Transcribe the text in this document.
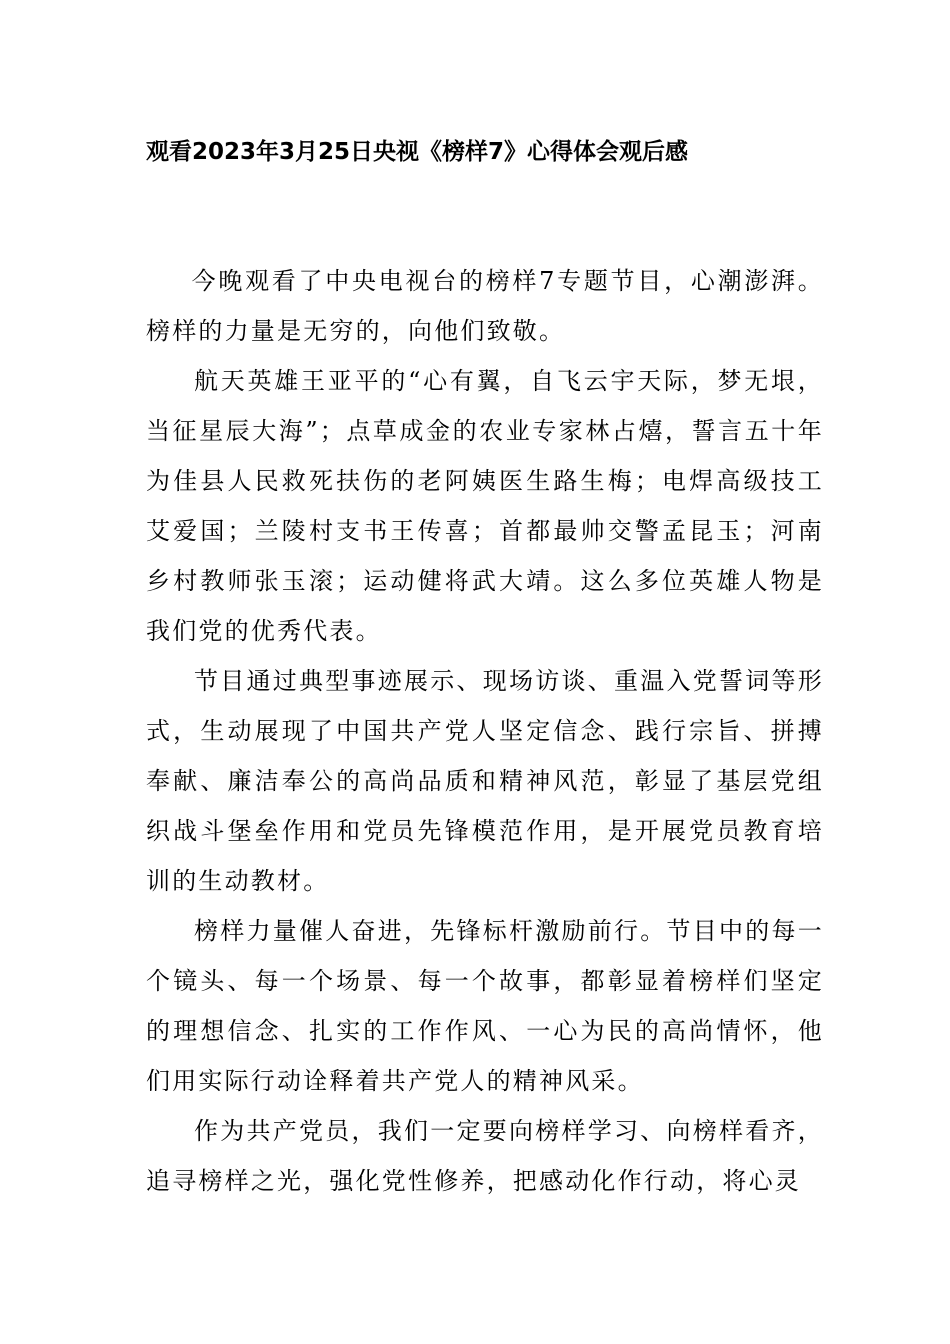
观看2023年3月25日央视《榜样7》心得体会观后感

今晚观看了中央电视台的榜样7专题节目，心潮澎湃。榜样的力量是无穷的，向他们致敬。

航天英雄王亚平的“心有翼，自飞云宇天际，梦无垠，当征星辰大海”；点草成金的农业专家林占熺，誓言五十年为佳县人民救死扶伤的老阿姨医生路生梅；电焊高级技工艾爱国；兰陵村支书王传喜；首都最帅交警孟昆玉；河南乡村教师张玉滚；运动健将武大靖。这么多位英雄人物是我们党的优秀代表。

节目通过典型事迹展示、现场访谈、重温入党誓词等形式，生动展现了中国共产党人坚定信念、践行宗旨、拼搏奉献、廉洁奉公的高尚品质和精神风范，彰显了基层党组织战斗堡垒作用和党员先锋模范作用，是开展党员教育培训的生动教材。

榜样力量催人奋进，先锋标杆激励前行。节目中的每一个镜头、每一个场景、每一个故事，都彰显着榜样们坚定的理想信念、扎实的工作作风、一心为民的高尚情怀，他们用实际行动诠释着共产党人的精神风采。

作为共产党员，我们一定要向榜样学习、向榜样看齐，追寻榜样之光，强化党性修养，把感动化作行动，将心灵
